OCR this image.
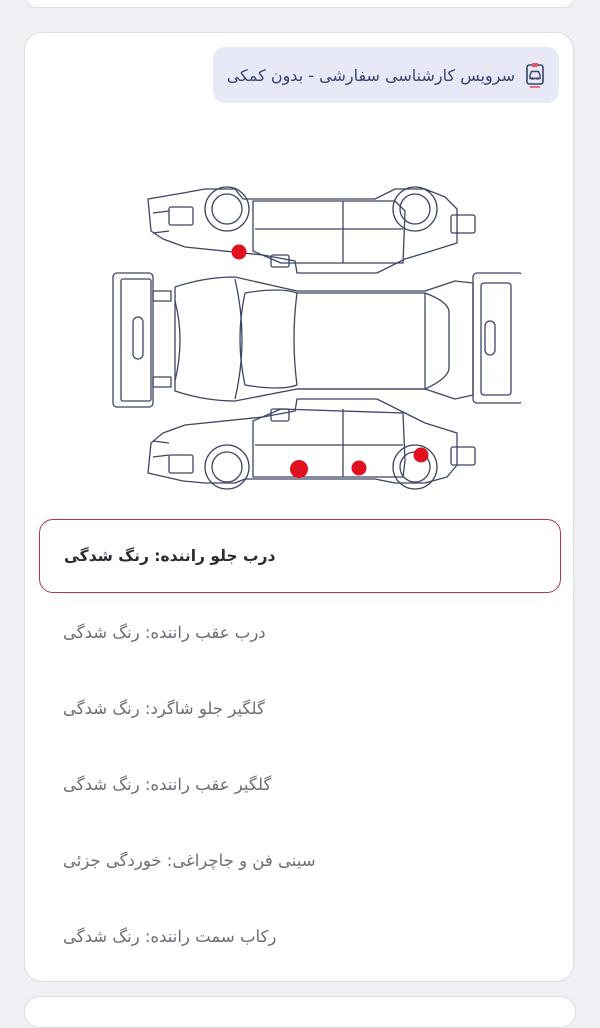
سرویس کارشناسی سفارشی - بدون کمکی
درب جلو راننده: رنگ شدگی
درب عقب راننده: رنگ شدگی
گلگیر جلو شاگرد: رنگ شدگی
گلگیر عقب راننده: رنگ شدگی
سینی فن و جاچراغی: خوردگی جزئی
رکاب سمت راننده: رنگ شدگی
